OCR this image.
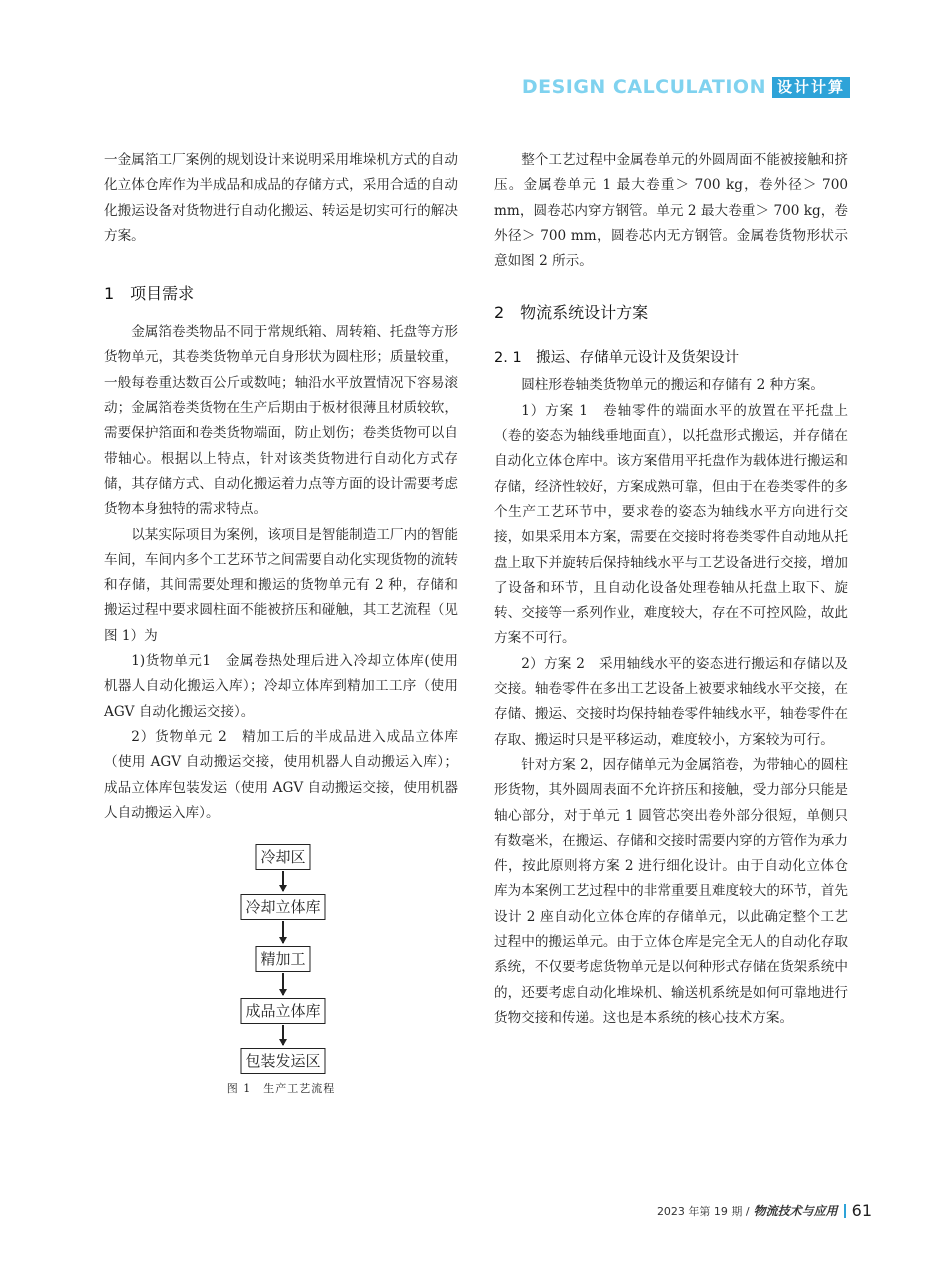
DESIGN CALCULATION 设计计算

一金属箔工厂案例的规划设计来说明采用堆垛机方式的自动化立体仓库作为半成品和成品的存储方式，采用合适的自动化搬运设备对货物进行自动化搬运、转运是切实可行的解决方案。

1　项目需求

金属箔卷类物品不同于常规纸箱、周转箱、托盘等方形货物单元，其卷类货物单元自身形状为圆柱形；质量较重，一般每卷重达数百公斤或数吨；轴沿水平放置情况下容易滚动；金属箔卷类货物在生产后期由于板材很薄且材质较软，需要保护箔面和卷类货物端面，防止划伤；卷类货物可以自带轴心。根据以上特点，针对该类货物进行自动化方式存储，其存储方式、自动化搬运着力点等方面的设计需要考虑货物本身独特的需求特点。

以某实际项目为案例，该项目是智能制造工厂内的智能车间，车间内多个工艺环节之间需要自动化实现货物的流转和存储，其间需要处理和搬运的货物单元有 2 种，存储和搬运过程中要求圆柱面不能被挤压和碰触，其工艺流程（见图 1）为

1)货物单元1　金属卷热处理后进入冷却立体库(使用机器人自动化搬运入库）；冷却立体库到精加工工序（使用 AGV 自动化搬运交接）。

2）货物单元 2　精加工后的半成品进入成品立体库（使用 AGV 自动搬运交接，使用机器人自动搬运入库）；成品立体库包装发运（使用 AGV 自动搬运交接，使用机器人自动搬运入库）。

冷却区
冷却立体库
精加工
成品立体库
包装发运区
图 1　生产工艺流程

整个工艺过程中金属卷单元的外圆周面不能被接触和挤压。金属卷单元 1 最大卷重＞ 700 kg，卷外径＞ 700 mm，圆卷芯内穿方钢管。单元 2 最大卷重＞ 700 kg，卷外径＞ 700 mm，圆卷芯内无方钢管。金属卷货物形状示意如图 2 所示。

2　物流系统设计方案
2. 1　搬运、存储单元设计及货架设计

圆柱形卷轴类货物单元的搬运和存储有 2 种方案。

1）方案 1　卷轴零件的端面水平的放置在平托盘上（卷的姿态为轴线垂地面直），以托盘形式搬运，并存储在自动化立体仓库中。该方案借用平托盘作为载体进行搬运和存储，经济性较好，方案成熟可靠，但由于在卷类零件的多个生产工艺环节中，要求卷的姿态为轴线水平方向进行交接，如果采用本方案，需要在交接时将卷类零件自动地从托盘上取下并旋转后保持轴线水平与工艺设备进行交接，增加了设备和环节，且自动化设备处理卷轴从托盘上取下、旋转、交接等一系列作业，难度较大，存在不可控风险，故此方案不可行。

2）方案 2　采用轴线水平的姿态进行搬运和存储以及交接。轴卷零件在多出工艺设备上被要求轴线水平交接，在存储、搬运、交接时均保持轴卷零件轴线水平，轴卷零件在存取、搬运时只是平移运动，难度较小，方案较为可行。

针对方案 2，因存储单元为金属箔卷，为带轴心的圆柱形货物，其外圆周表面不允许挤压和接触，受力部分只能是轴心部分，对于单元 1 圆管芯突出卷外部分很短，单侧只有数毫米，在搬运、存储和交接时需要内穿的方管作为承力件，按此原则将方案 2 进行细化设计。由于自动化立体仓库为本案例工艺过程中的非常重要且难度较大的环节，首先设计 2 座自动化立体仓库的存储单元，以此确定整个工艺过程中的搬运单元。由于立体仓库是完全无人的自动化存取系统，不仅要考虑货物单元是以何种形式存储在货架系统中的，还要考虑自动化堆垛机、输送机系统是如何可靠地进行货物交接和传递。这也是本系统的核心技术方案。

2023 年第 19 期 / 物流技术与应用 61
